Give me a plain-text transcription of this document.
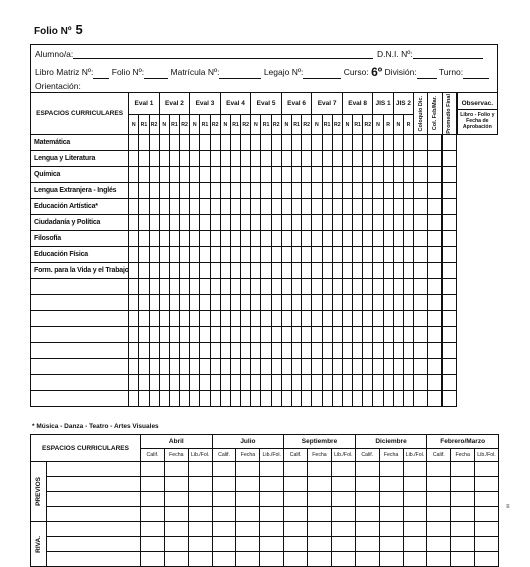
Folio Nº 5
Alumno/a:	D.N.I. Nº:
Libro Matriz Nº: Folio Nº:	Matrícula Nº:	Legajo Nº:	Curso: 6º División:	Turno:
Orientación:
ESPACIOS CURRICULARES	Eval 1			Eval 2			Eval 3			Eval 4			Eval 5			Eval 6			Eval 7			Eval 8			JIS 1		JIS 2		Coloquio Dic.	Col. Feb/Mar.	Promedio Final	Observac.
Libro - Folio y Fecha de Aprobación

	N	R1	R2	N	R1	R2	N	R1	R2	N	R1	R2	N	R1	R2	N	R1	R2	N	R1	R2	N	R1	R2	N	R	N	R				
Matemática																																
Lengua y Literatura																																
Química																																
Lengua Extranjera - Inglés																																
Educación Artística*																																
Ciudadanía y Política																																
Filosofía																																
Educación Física																																
Form. para la Vida y el Trabajo																																

* Música - Danza - Teatro - Artes Visuales
ESPACIOS CURRICULARES		Abril			Julio			Septiembre			Diciembre			Febrero/Marzo		
		Calif.	Fecha	Lib./Fol.	Calif.	Fecha	Lib./Fol.	Calif.	Fecha	Lib./Fol.	Calif.	Fecha	Lib./Fol.	Calif.	Fecha	Lib./Fol.

PREVIOS																

RIVA.																

≡
